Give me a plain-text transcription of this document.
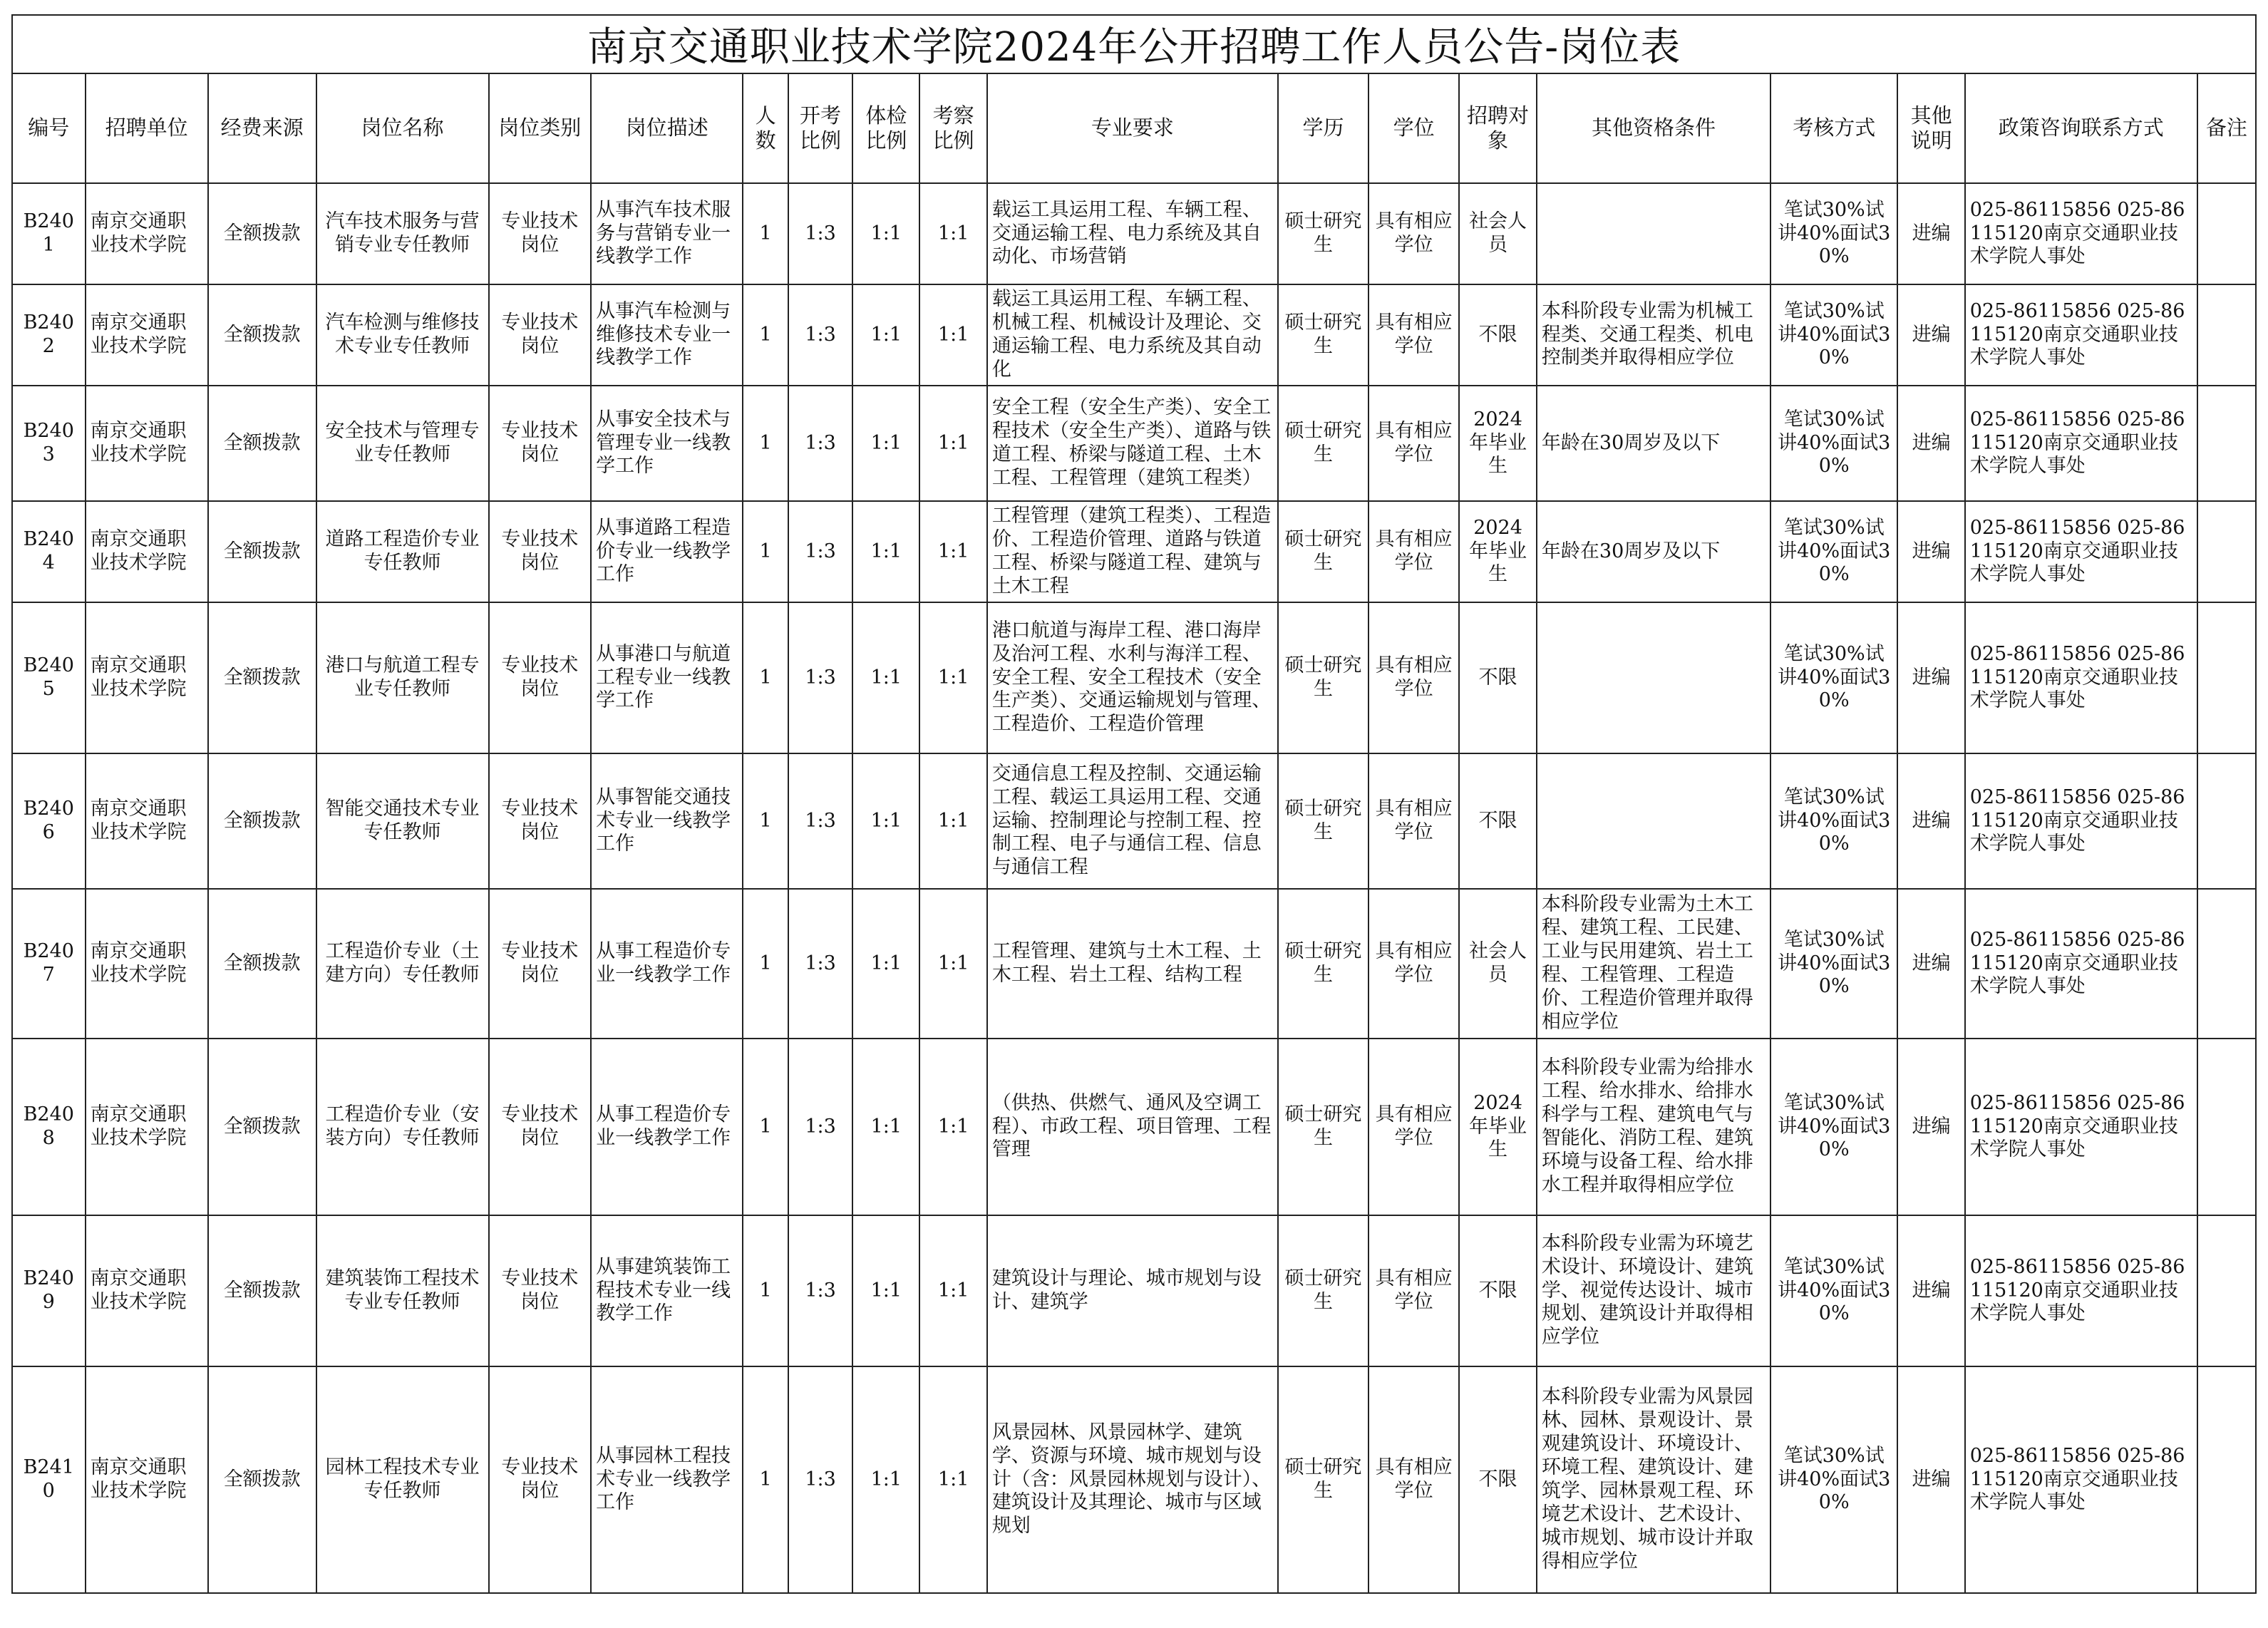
南京交通职业技术学院2024年公开招聘工作人员公告-岗位表
编号	招聘单位	经费来源	岗位名称	岗位类别	岗位描述	人数	开考比例	体检比例	考察比例	专业要求	学历	学位	招聘对象	其他资格条件	考核方式	其他说明	政策咨询联系方式	备注
B2401	南京交通职业技术学院	全额拨款	汽车技术服务与营销专业专任教师	专业技术岗位	从事汽车技术服务与营销专业一线教学工作	1	1:3	1:1	1:1	载运工具运用工程、车辆工程、交通运输工程、电力系统及其自动化、市场营销	硕士研究生	具有相应学位	社会人员		笔试30%试讲40%面试30%	进编	025-86115856 025-86115120南京交通职业技术学院人事处	
B2402	南京交通职业技术学院	全额拨款	汽车检测与维修技术专业专任教师	专业技术岗位	从事汽车检测与维修技术专业一线教学工作	1	1:3	1:1	1:1	载运工具运用工程、车辆工程、机械工程、机械设计及理论、交通运输工程、电力系统及其自动化	硕士研究生	具有相应学位	不限	本科阶段专业需为机械工程类、交通工程类、机电控制类并取得相应学位	笔试30%试讲40%面试30%	进编	025-86115856 025-86115120南京交通职业技术学院人事处	
B2403	南京交通职业技术学院	全额拨款	安全技术与管理专业专任教师	专业技术岗位	从事安全技术与管理专业一线教学工作	1	1:3	1:1	1:1	安全工程（安全生产类）、安全工程技术（安全生产类）、道路与铁道工程、桥梁与隧道工程、土木工程、工程管理（建筑工程类）	硕士研究生	具有相应学位	2024年毕业生	年龄在30周岁及以下	笔试30%试讲40%面试30%	进编	025-86115856 025-86115120南京交通职业技术学院人事处	
B2404	南京交通职业技术学院	全额拨款	道路工程造价专业专任教师	专业技术岗位	从事道路工程造价专业一线教学工作	1	1:3	1:1	1:1	工程管理（建筑工程类）、工程造价、工程造价管理、道路与铁道工程、桥梁与隧道工程、建筑与土木工程	硕士研究生	具有相应学位	2024年毕业生	年龄在30周岁及以下	笔试30%试讲40%面试30%	进编	025-86115856 025-86115120南京交通职业技术学院人事处	
B2405	南京交通职业技术学院	全额拨款	港口与航道工程专业专任教师	专业技术岗位	从事港口与航道工程专业一线教学工作	1	1:3	1:1	1:1	港口航道与海岸工程、港口海岸及治河工程、水利与海洋工程、安全工程、安全工程技术（安全生产类）、交通运输规划与管理、工程造价、工程造价管理	硕士研究生	具有相应学位	不限		笔试30%试讲40%面试30%	进编	025-86115856 025-86115120南京交通职业技术学院人事处	
B2406	南京交通职业技术学院	全额拨款	智能交通技术专业专任教师	专业技术岗位	从事智能交通技术专业一线教学工作	1	1:3	1:1	1:1	交通信息工程及控制、交通运输工程、载运工具运用工程、交通运输、控制理论与控制工程、控制工程、电子与通信工程、信息与通信工程	硕士研究生	具有相应学位	不限		笔试30%试讲40%面试30%	进编	025-86115856 025-86115120南京交通职业技术学院人事处	
B2407	南京交通职业技术学院	全额拨款	工程造价专业（土建方向）专任教师	专业技术岗位	从事工程造价专业一线教学工作	1	1:3	1:1	1:1	工程管理、建筑与土木工程、土木工程、岩土工程、结构工程	硕士研究生	具有相应学位	社会人员	本科阶段专业需为土木工程、建筑工程、工民建、工业与民用建筑、岩土工程、工程管理、工程造价、工程造价管理并取得相应学位	笔试30%试讲40%面试30%	进编	025-86115856 025-86115120南京交通职业技术学院人事处	
B2408	南京交通职业技术学院	全额拨款	工程造价专业（安装方向）专任教师	专业技术岗位	从事工程造价专业一线教学工作	1	1:3	1:1	1:1	（供热、供燃气、通风及空调工程）、市政工程、项目管理、工程管理	硕士研究生	具有相应学位	2024年毕业生	本科阶段专业需为给排水工程、给水排水、给排水科学与工程、建筑电气与智能化、消防工程、建筑环境与设备工程、给水排水工程并取得相应学位	笔试30%试讲40%面试30%	进编	025-86115856 025-86115120南京交通职业技术学院人事处	
B2409	南京交通职业技术学院	全额拨款	建筑装饰工程技术专业专任教师	专业技术岗位	从事建筑装饰工程技术专业一线教学工作	1	1:3	1:1	1:1	建筑设计与理论、城市规划与设计、建筑学	硕士研究生	具有相应学位	不限	本科阶段专业需为环境艺术设计、环境设计、建筑学、视觉传达设计、城市规划、建筑设计并取得相应学位	笔试30%试讲40%面试30%	进编	025-86115856 025-86115120南京交通职业技术学院人事处	
B2410	南京交通职业技术学院	全额拨款	园林工程技术专业专任教师	专业技术岗位	从事园林工程技术专业一线教学工作	1	1:3	1:1	1:1	风景园林、风景园林学、建筑学、资源与环境、城市规划与设计（含：风景园林规划与设计）、建筑设计及其理论、城市与区域规划	硕士研究生	具有相应学位	不限	本科阶段专业需为风景园林、园林、景观设计、景观建筑设计、环境设计、环境工程、建筑设计、建筑学、园林景观工程、环境艺术设计、艺术设计、城市规划、城市设计并取得相应学位	笔试30%试讲40%面试30%	进编	025-86115856 025-86115120南京交通职业技术学院人事处	
